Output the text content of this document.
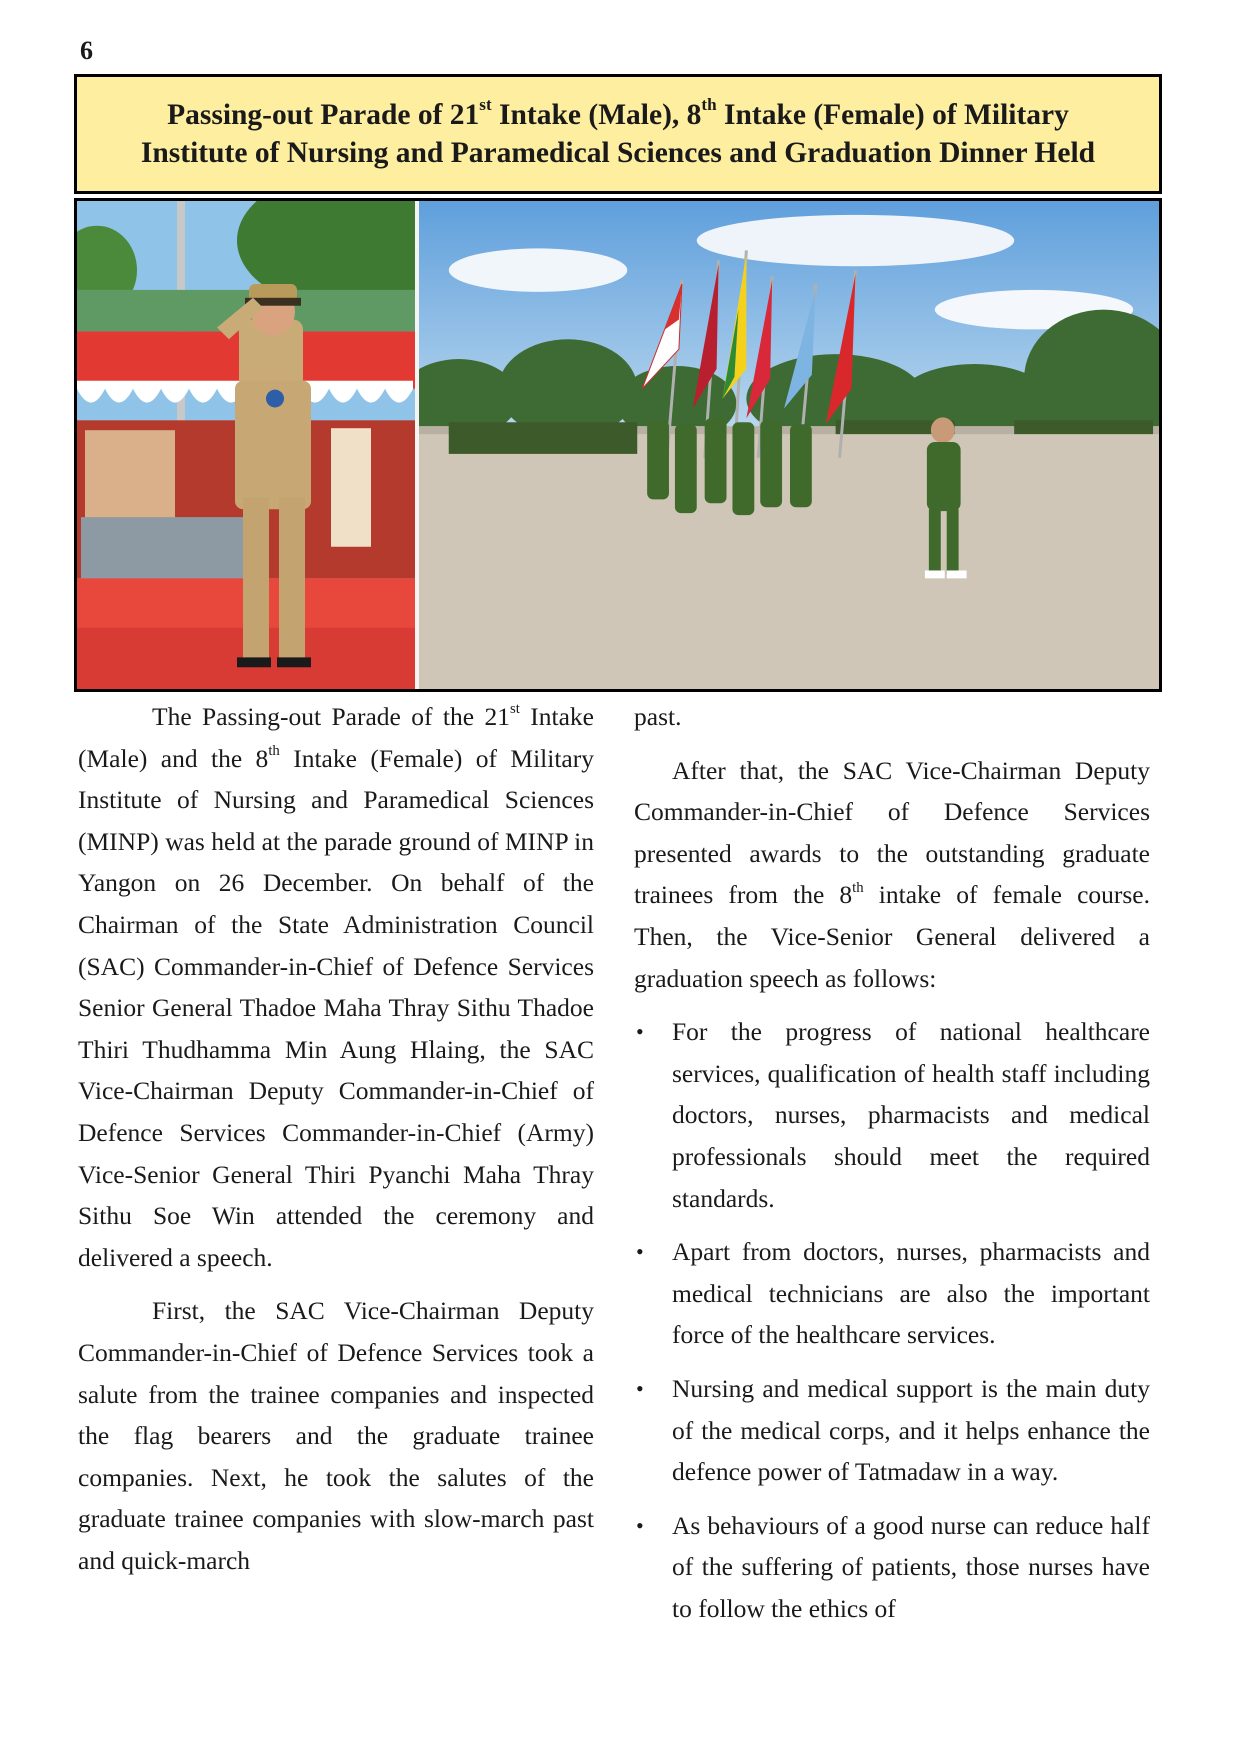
6
Passing-out Parade of 21st Intake (Male), 8th Intake (Female) of Military
Institute of Nursing and Paramedical Sciences and Graduation Dinner Held

The Passing-out Parade of the 21st Intake (Male) and the 8th Intake (Female) of Military Institute of Nursing and Paramedical Sciences (MINP) was held at the parade ground of MINP in Yangon on 26 December. On behalf of the Chairman of the State Administration Council (SAC) Commander-in-Chief of Defence Services Senior General Thadoe Maha Thray Sithu Thadoe Thiri Thudhamma Min Aung Hlaing, the SAC Vice-Chairman Deputy Commander-in-Chief of Defence Services Commander-in-Chief (Army) Vice-Senior General Thiri Pyanchi Maha Thray Sithu Soe Win attended the ceremony and delivered a speech.

First, the SAC Vice-Chairman Deputy Commander-in-Chief of Defence Services took a salute from the trainee companies and inspected the flag bearers and the graduate trainee companies. Next, he took the salutes of the graduate trainee companies with slow-march past and quick-march

past.

After that, the SAC Vice-Chairman Deputy Commander-in-Chief of Defence Services presented awards to the outstanding graduate trainees from the 8th intake of female course. Then, the Vice-Senior General delivered a graduation speech as follows:

• For the progress of national healthcare services, qualification of health staff including doctors, nurses, pharmacists and medical professionals should meet the required standards.
• Apart from doctors, nurses, pharmacists and medical technicians are also the important force of the healthcare services.
• Nursing and medical support is the main duty of the medical corps, and it helps enhance the defence power of Tatmadaw in a way.
• As behaviours of a good nurse can reduce half of the suffering of patients, those nurses have to follow the ethics of
